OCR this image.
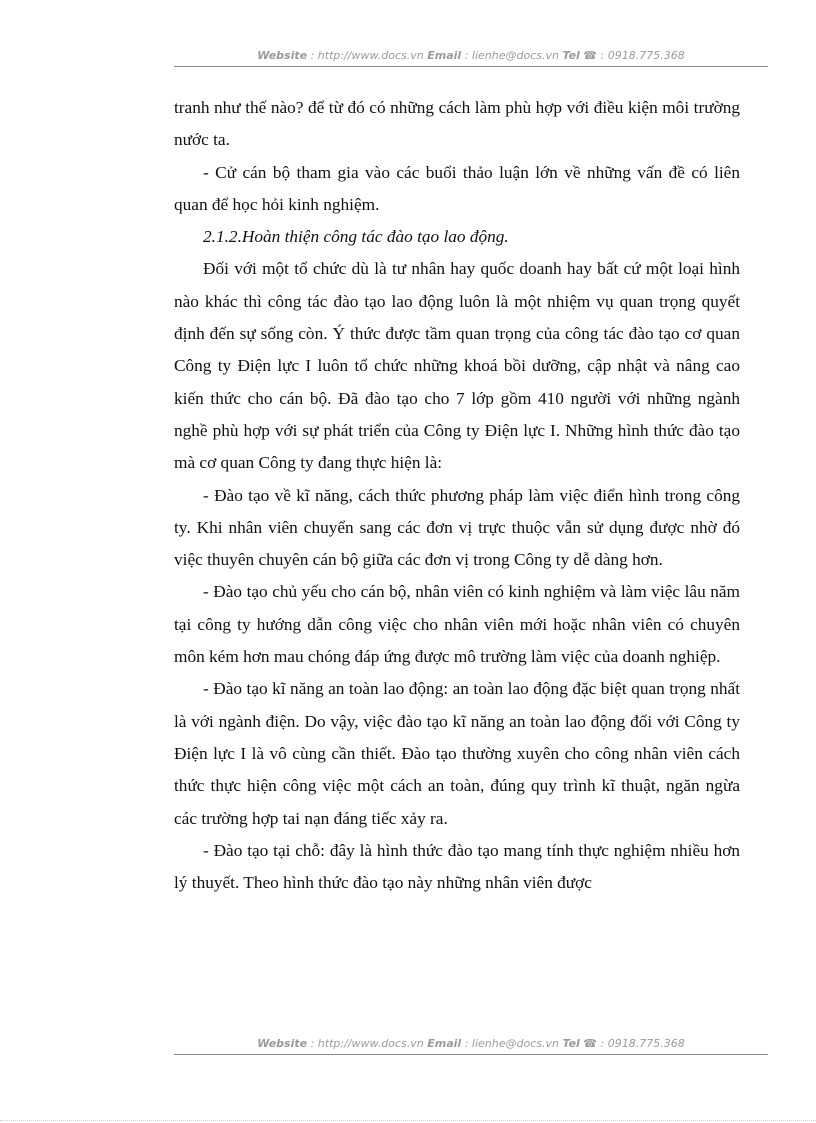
Website : http://www.docs.vn Email : lienhe@docs.vn Tel ☎ : 0918.775.368

tranh như thế nào? để từ đó có những cách làm phù hợp với điều kiện môi trường nước ta.

- Cử cán bộ tham gia vào các buổi thảo luận lớn về những vấn đề có liên quan để học hỏi kinh nghiệm.

2.1.2.Hoàn thiện công tác đào tạo lao động.

Đối với một tổ chức dù là tư nhân hay quốc doanh hay bất cứ một loại hình nào khác thì công tác đào tạo lao động luôn là một nhiệm vụ quan trọng quyết định đến sự sống còn. Ý thức được tầm quan trọng của công tác đào tạo cơ quan Công ty Điện lực I luôn tổ chức những khoá bồi dưỡng, cập nhật và nâng cao kiến thức cho cán bộ. Đã đào tạo cho 7 lớp gồm 410 người với những ngành nghề phù hợp với sự phát triển của Công ty Điện lực I. Những hình thức đào tạo mà cơ quan Công ty đang thực hiện là:

- Đào tạo về kĩ năng, cách thức phương pháp làm việc điển hình trong công ty. Khi nhân viên chuyển sang các đơn vị trực thuộc vẫn sử dụng được nhờ đó việc thuyên chuyên cán bộ giữa các đơn vị trong Công ty dễ dàng hơn.

- Đào tạo chủ yếu cho cán bộ, nhân viên có kinh nghiệm và làm việc lâu năm tại công ty hướng dẫn công việc cho nhân viên mới hoặc nhân viên có chuyên môn kém hơn mau chóng đáp ứng được mô trường làm việc của doanh nghiệp.

- Đào tạo kĩ năng an toàn lao động: an toàn lao động đặc biệt quan trọng nhất là với ngành điện. Do vậy, việc đào tạo kĩ năng an toàn lao động đối với Công ty Điện lực I là vô cùng cần thiết. Đào tạo thường xuyên cho công nhân viên cách thức thực hiện công việc một cách an toàn, đúng quy trình kĩ thuật, ngăn ngừa các trường hợp tai nạn đáng tiếc xảy ra.

- Đào tạo tại chỗ: đây là hình thức đào tạo mang tính thực nghiệm nhiều hơn lý thuyết. Theo hình thức đào tạo này những nhân viên được

Website : http://www.docs.vn Email : lienhe@docs.vn Tel ☎ : 0918.775.368
